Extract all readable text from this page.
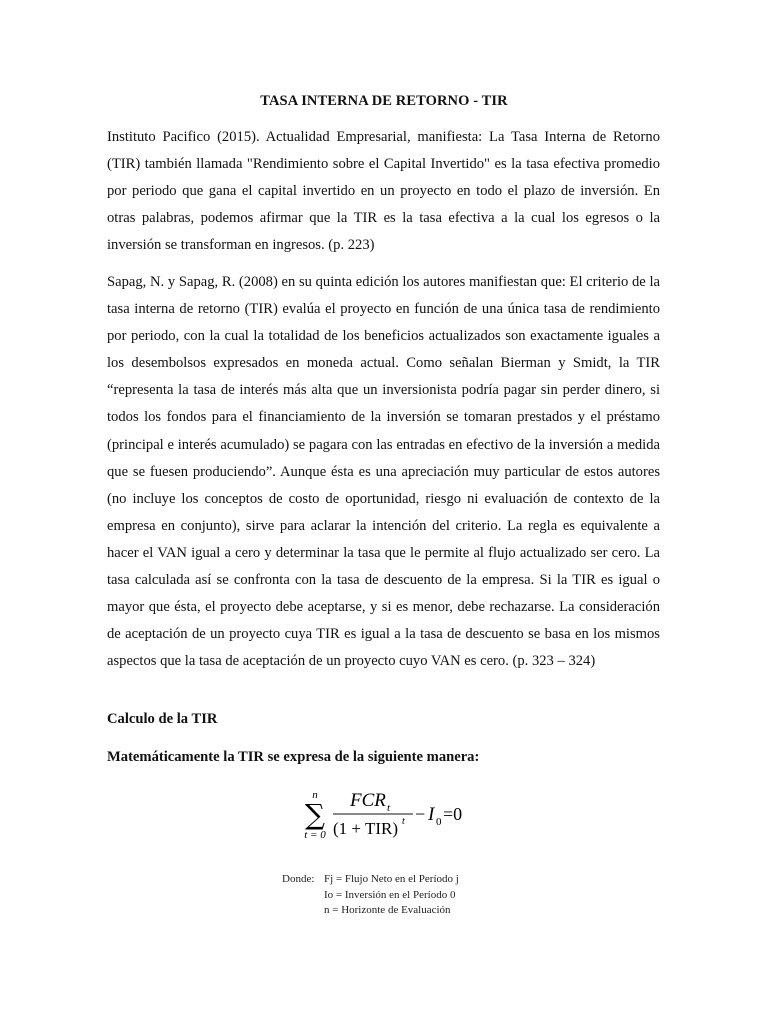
TASA INTERNA DE RETORNO - TIR

Instituto Pacifico (2015). Actualidad Empresarial, manifiesta: La Tasa Interna de Retorno (TIR) también llamada "Rendimiento sobre el Capital Invertido" es la tasa efectiva promedio por periodo que gana el capital invertido en un proyecto en todo el plazo de inversión. En otras palabras, podemos afirmar que la TIR es la tasa efectiva a la cual los egresos o la inversión se transforman en ingresos. (p. 223)

Sapag, N. y Sapag, R. (2008) en su quinta edición los autores manifiestan que: El criterio de la tasa interna de retorno (TIR) evalúa el proyecto en función de una única tasa de rendimiento por periodo, con la cual la totalidad de los beneficios actualizados son exactamente iguales a los desembolsos expresados en moneda actual. Como señalan Bierman y Smidt, la TIR “representa la tasa de interés más alta que un inversionista podría pagar sin perder dinero, si todos los fondos para el financiamiento de la inversión se tomaran prestados y el préstamo (principal e interés acumulado) se pagara con las entradas en efectivo de la inversión a medida que se fuesen produciendo”. Aunque ésta es una apreciación muy particular de estos autores (no incluye los conceptos de costo de oportunidad, riesgo ni evaluación de contexto de la empresa en conjunto), sirve para aclarar la intención del criterio. La regla es equivalente a hacer el VAN igual a cero y determinar la tasa que le permite al flujo actualizado ser cero. La tasa calculada así se confronta con la tasa de descuento de la empresa. Si la TIR es igual o mayor que ésta, el proyecto debe aceptarse, y si es menor, debe rechazarse. La consideración de aceptación de un proyecto cuya TIR es igual a la tasa de descuento se basa en los mismos aspectos que la tasa de aceptación de un proyecto cuyo VAN es cero. (p. 323 – 324)

Calculo de la TIR

Matemáticamente la TIR se expresa de la siguiente manera:

n
∑
t = 0
FCR t
(1 + TIR) t − I 0 =0
Donde: Fj = Flujo Neto en el Período j
Io = Inversión en el Período 0
n = Horizonte de Evaluación
